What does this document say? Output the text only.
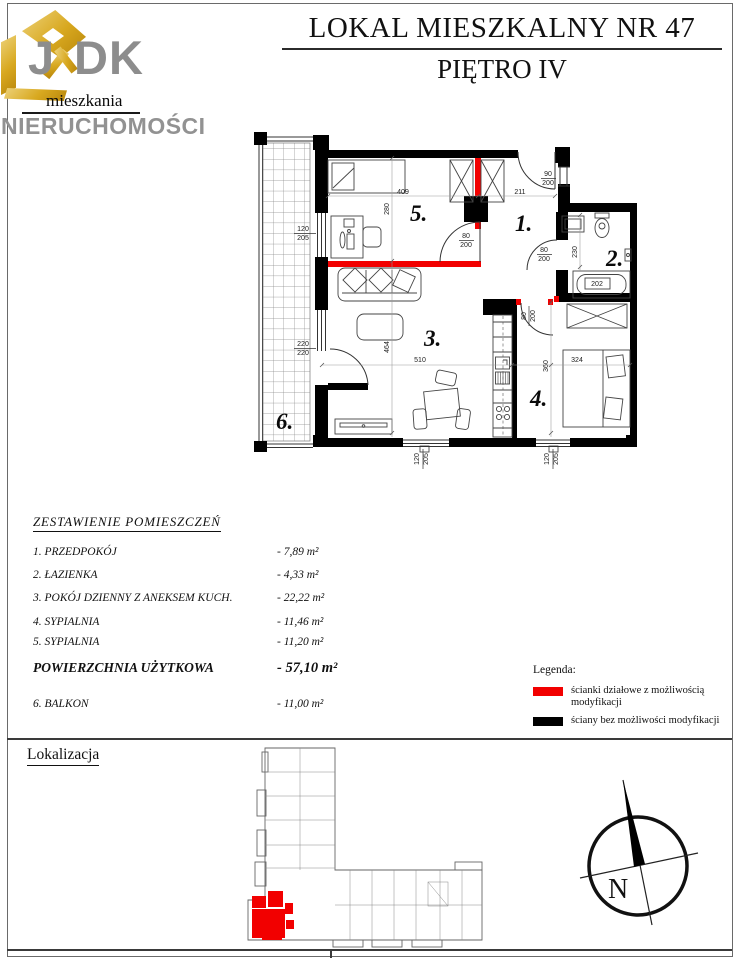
J DK
mieszkania
NIERUCHOMOŚCI
LOKAL MIESZKALNY NR 47
PIĘTRO IV
409
280
211
90
200
80
200
80
200
230
202
80 200
360	324
510
464
120
205
220
220
120 205	120 205
1.
2.
3.
4.
5.
6.
ZESTAWIENIE POMIESZCZEŃ
1. PRZEDPOKÓJ	- 7,89 m²
2. ŁAZIENKA	- 4,33 m²
3. POKÓJ DZIENNY Z ANEKSEM KUCH.	- 22,22 m²
4. SYPIALNIA	- 11,46 m²
5. SYPIALNIA	- 11,20 m²
POWIERZCHNIA UŻYTKOWA	- 57,10 m²
6. BALKON	- 11,00 m²
Legenda:
ścianki działowe z możliwością modyfikacji
ściany bez możliwości modyfikacji
Lokalizacja
N
